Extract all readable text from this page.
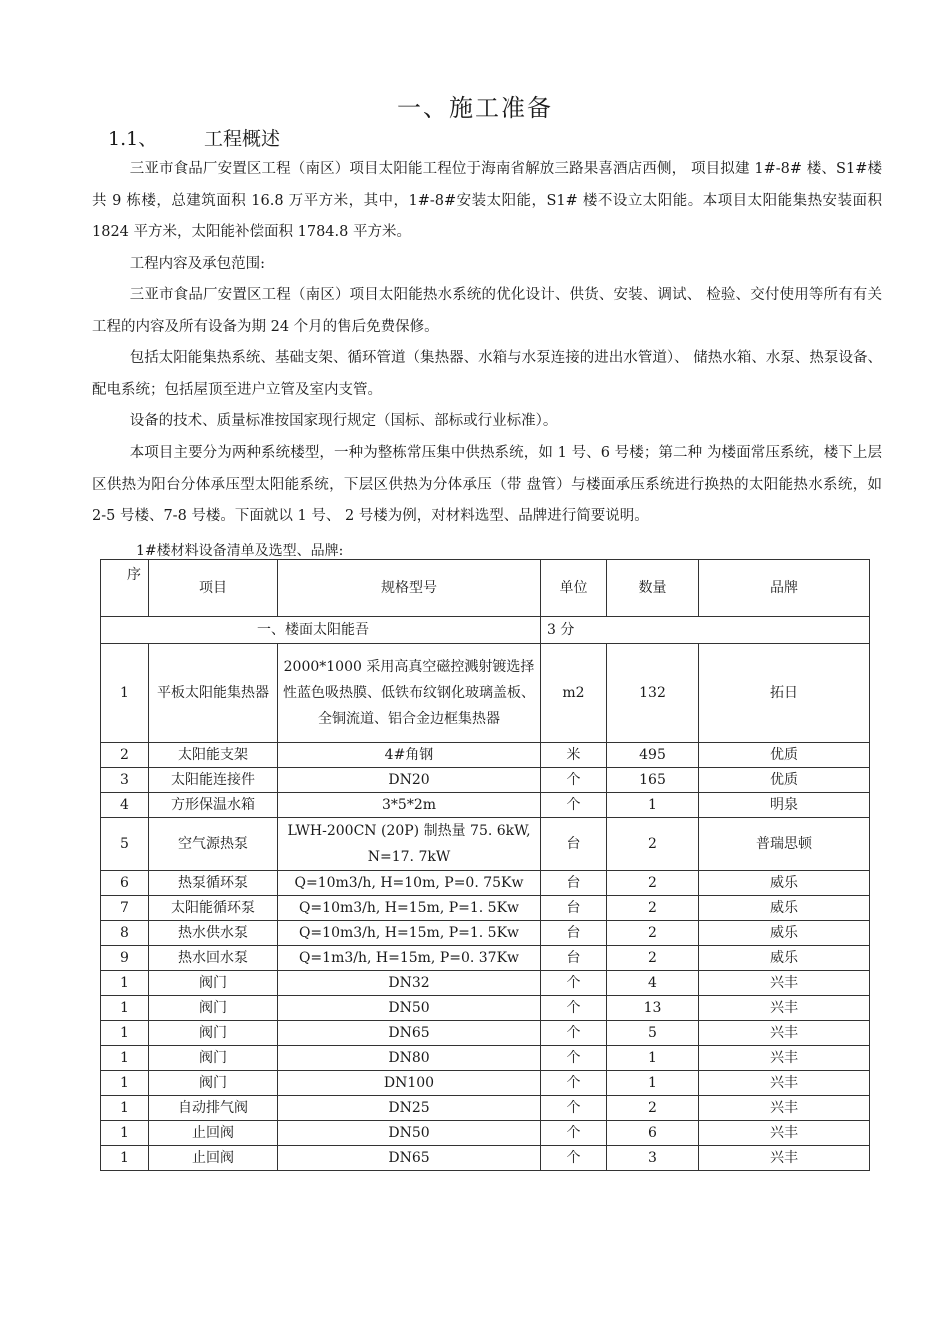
一、施工准备
1.1、 工程概述

三亚市食品厂安置区工程（南区）项目太阳能工程位于海南省解放三路果喜酒店西侧， 项目拟建 1#-8# 楼、S1#楼共 9 栋楼，总建筑面积 16.8 万平方米，其中，1#-8#安装太阳能，S1# 楼不设立太阳能。本项目太阳能集热安装面积 1824 平方米，太阳能补偿面积 1784.8 平方米。

工程内容及承包范围:

三亚市食品厂安置区工程（南区）项目太阳能热水系统的优化设计、供货、安装、调试、 检验、交付使用等所有有关工程的内容及所有设备为期 24 个月的售后免费保修。

包括太阳能集热系统、基础支架、循环管道（集热器、水箱与水泵连接的进出水管道）、 储热水箱、水泵、热泵设备、配电系统；包括屋顶至进户立管及室内支管。

设备的技术、质量标准按国家现行规定（国标、部标或行业标准）。

本项目主要分为两种系统楼型，一种为整栋常压集中供热系统，如 1 号、6 号楼；第二种 为楼面常压系统，楼下上层区供热为阳台分体承压型太阳能系统，下层区供热为分体承压（带 盘管）与楼面承压系统进行换热的太阳能热水系统，如 2-5 号楼、7-8 号楼。下面就以 1 号、 2 号楼为例，对材料选型、品牌进行简要说明。

1#楼材料设备清单及选型、品牌:
序	项目	规格型号	单位	数量	品牌
一、楼面太阳能吾			3 分		
1	平板太阳能集热器	2000*1000 采用高真空磁控溅射镀选择性蓝色吸热膜、低铁布纹钢化玻璃盖板、全铜流道、铝合金边框集热器	m2	132	拓日
2	太阳能支架	4#角钢	米	495	优质
3	太阳能连接件	DN20	个	165	优质
4	方形保温水箱	3*5*2m	个	1	明泉
5	空气源热泵	LWH-200CN (20P) 制热量 75. 6kW, N=17. 7kW	台	2	普瑞思顿
6	热泵循环泵	Q=10m3/h, H=10m, P=0. 75Kw	台	2	威乐
7	太阳能循环泵	Q=10m3/h, H=15m, P=1. 5Kw	台	2	威乐
8	热水供水泵	Q=10m3/h, H=15m, P=1. 5Kw	台	2	威乐
9	热水回水泵	Q=1m3/h, H=15m, P=0. 37Kw	台	2	威乐
1	阀门	DN32	个	4	兴丰
1	阀门	DN50	个	13	兴丰
1	阀门	DN65	个	5	兴丰
1	阀门	DN80	个	1	兴丰
1	阀门	DN100	个	1	兴丰
1	自动排气阀	DN25	个	2	兴丰
1	止回阀	DN50	个	6	兴丰
1	止回阀	DN65	个	3	兴丰
